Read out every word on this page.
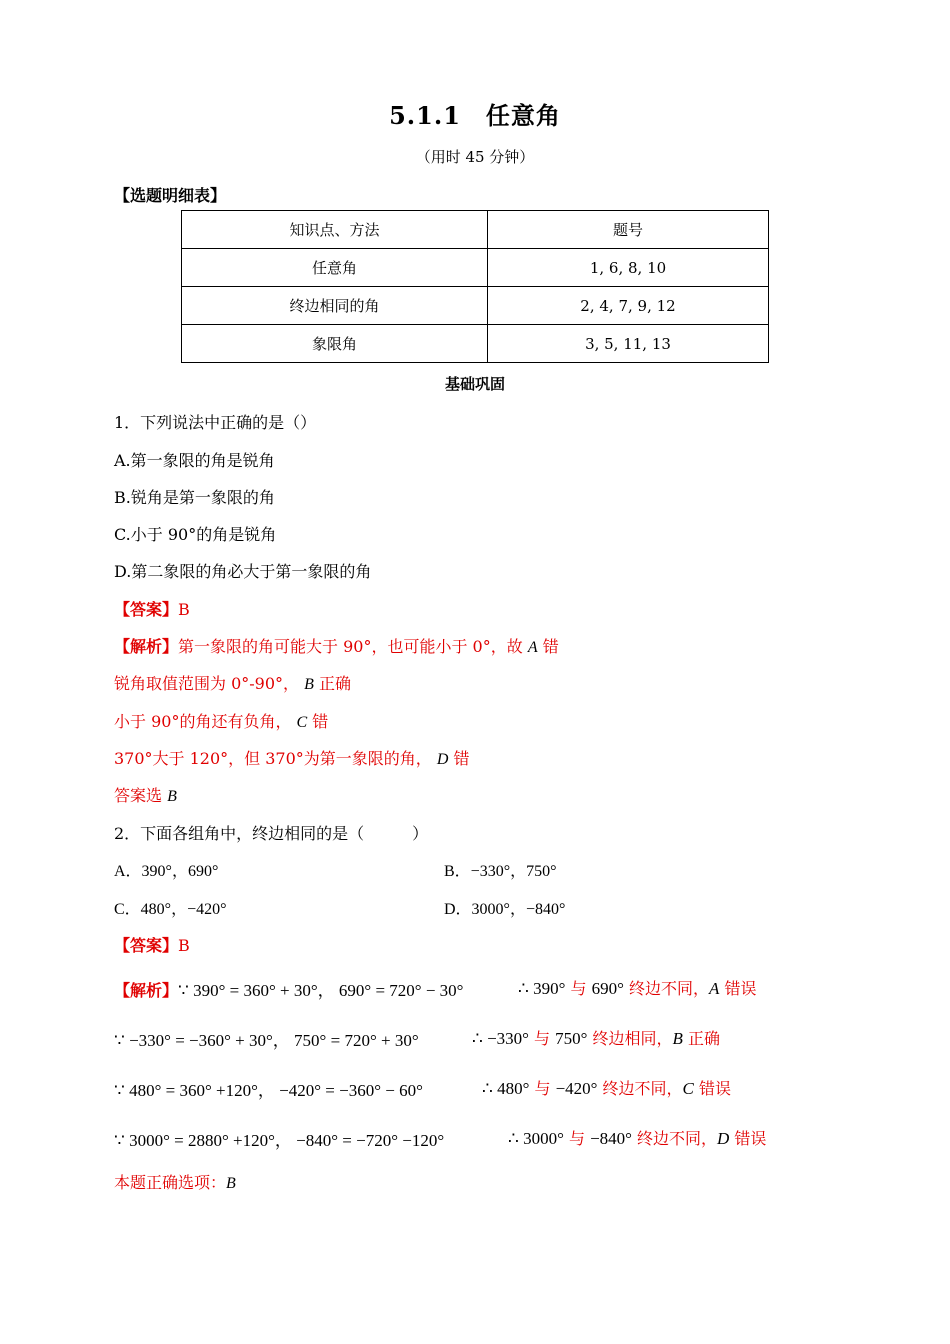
5.1.1　任意角
（用时 45 分钟）
【选题明细表】
知识点、方法	题号
任意角	1, 6, 8, 10
终边相同的角	2, 4, 7, 9, 12
象限角	3, 5, 11, 13
基础巩固
1．下列说法中正确的是（）
A.第一象限的角是锐角
B.锐角是第一象限的角
C.小于 90°的角是锐角
D.第二象限的角必大于第一象限的角
【答案】B
【解析】第一象限的角可能大于 90°，也可能小于 0°，故 A 错
锐角取值范围为 0°-90°， B 正确
小于 90°的角还有负角， C 错
370°大于 120°，但 370°为第一象限的角， D 错
答案选 B
2．下面各组角中，终边相同的是（　　　）
A．390°，690°	B．−330°，750°
C．480°，−420°	D．3000°，−840°
【答案】B
【解析】∵ 390° = 360° + 30°， 690° = 720° − 30°	∴ 390° 与 690° 终边不同，A 错误
∵ −330° = −360° + 30°， 750° = 720° + 30°	∴ −330° 与 750° 终边相同，B 正确
∵ 480° = 360° +120°， −420° = −360° − 60°	∴ 480° 与 −420° 终边不同，C 错误
∵ 3000° = 2880° +120°， −840° = −720° −120°	∴ 3000° 与 −840° 终边不同，D 错误
本题正确选项：B
